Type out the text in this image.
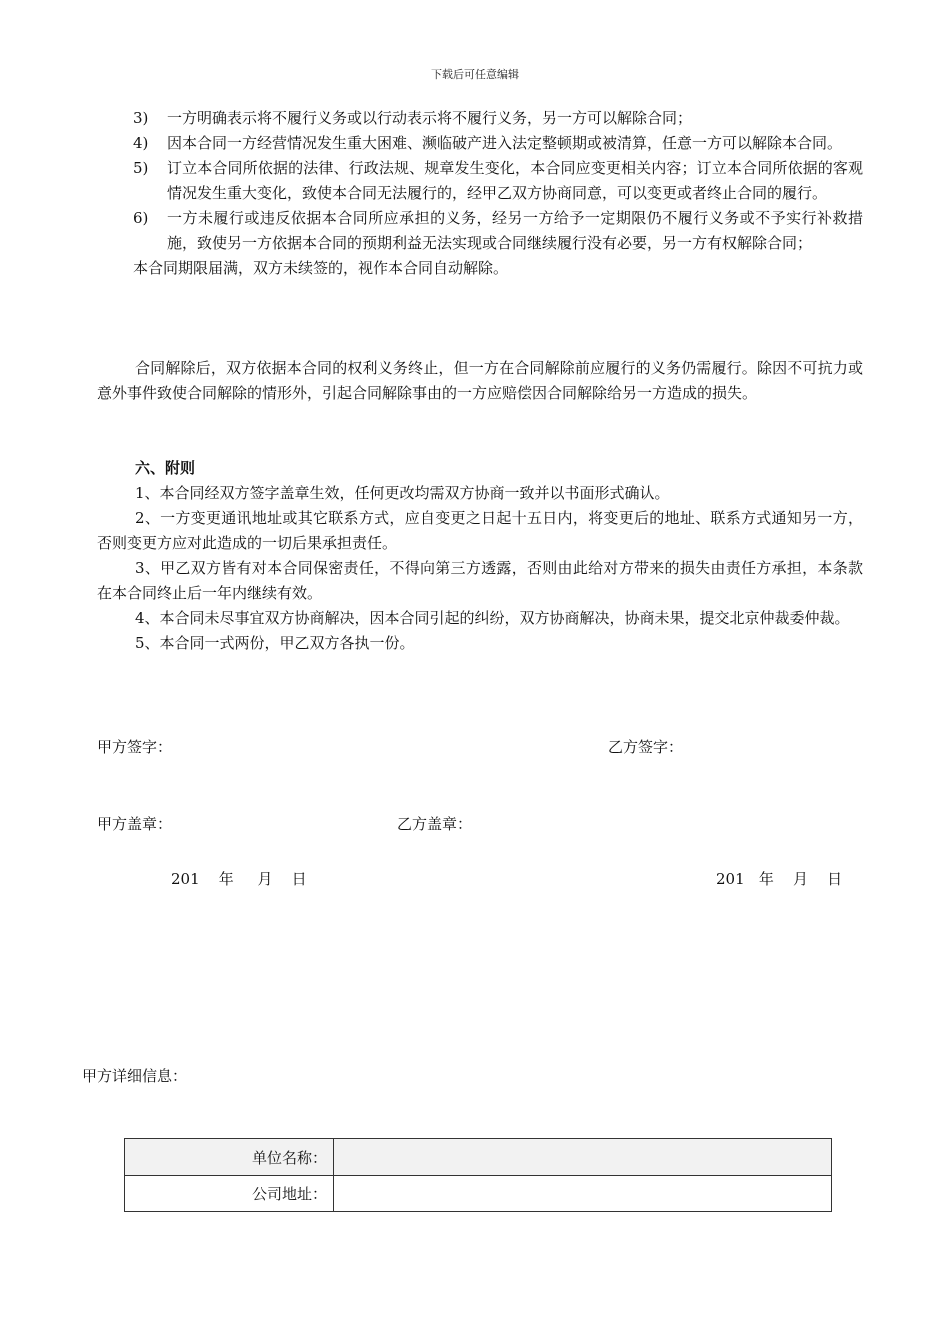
下载后可任意编辑
3)	一方明确表示将不履行义务或以行动表示将不履行义务，另一方可以解除合同；
4)	因本合同一方经营情况发生重大困难、濒临破产进入法定整顿期或被清算，任意一方可以解除本合同。
5)	订立本合同所依据的法律、行政法规、规章发生变化，本合同应变更相关内容；订立本合同所依据的客观情况发生重大变化，致使本合同无法履行的，经甲乙双方协商同意，可以变更或者终止合同的履行。
6)	一方未履行或违反依据本合同所应承担的义务，经另一方给予一定期限仍不履行义务或不予实行补救措施，致使另一方依据本合同的预期利益无法实现或合同继续履行没有必要，另一方有权解除合同；
本合同期限届满，双方未续签的，视作本合同自动解除。

合同解除后，双方依据本合同的权利义务终止，但一方在合同解除前应履行的义务仍需履行。除因不可抗力或意外事件致使合同解除的情形外，引起合同解除事由的一方应赔偿因合同解除给另一方造成的损失。

六、附则

1、本合同经双方签字盖章生效，任何更改均需双方协商一致并以书面形式确认。

2、一方变更通讯地址或其它联系方式，应自变更之日起十五日内，将变更后的地址、联系方式通知另一方，否则变更方应对此造成的一切后果承担责任。

3、甲乙双方皆有对本合同保密责任，不得向第三方透露，否则由此给对方带来的损失由责任方承担，本条款在本合同终止后一年内继续有效。

4、本合同未尽事宜双方协商解决，因本合同引起的纠纷，双方协商解决，协商未果，提交北京仲裁委仲裁。

5、本合同一式两份，甲乙双方各执一份。

甲方签字：	乙方签字：
甲方盖章：	乙方盖章：
201    年     月    日	201   年    月    日
甲方详细信息：
单位名称：	
公司地址：	
